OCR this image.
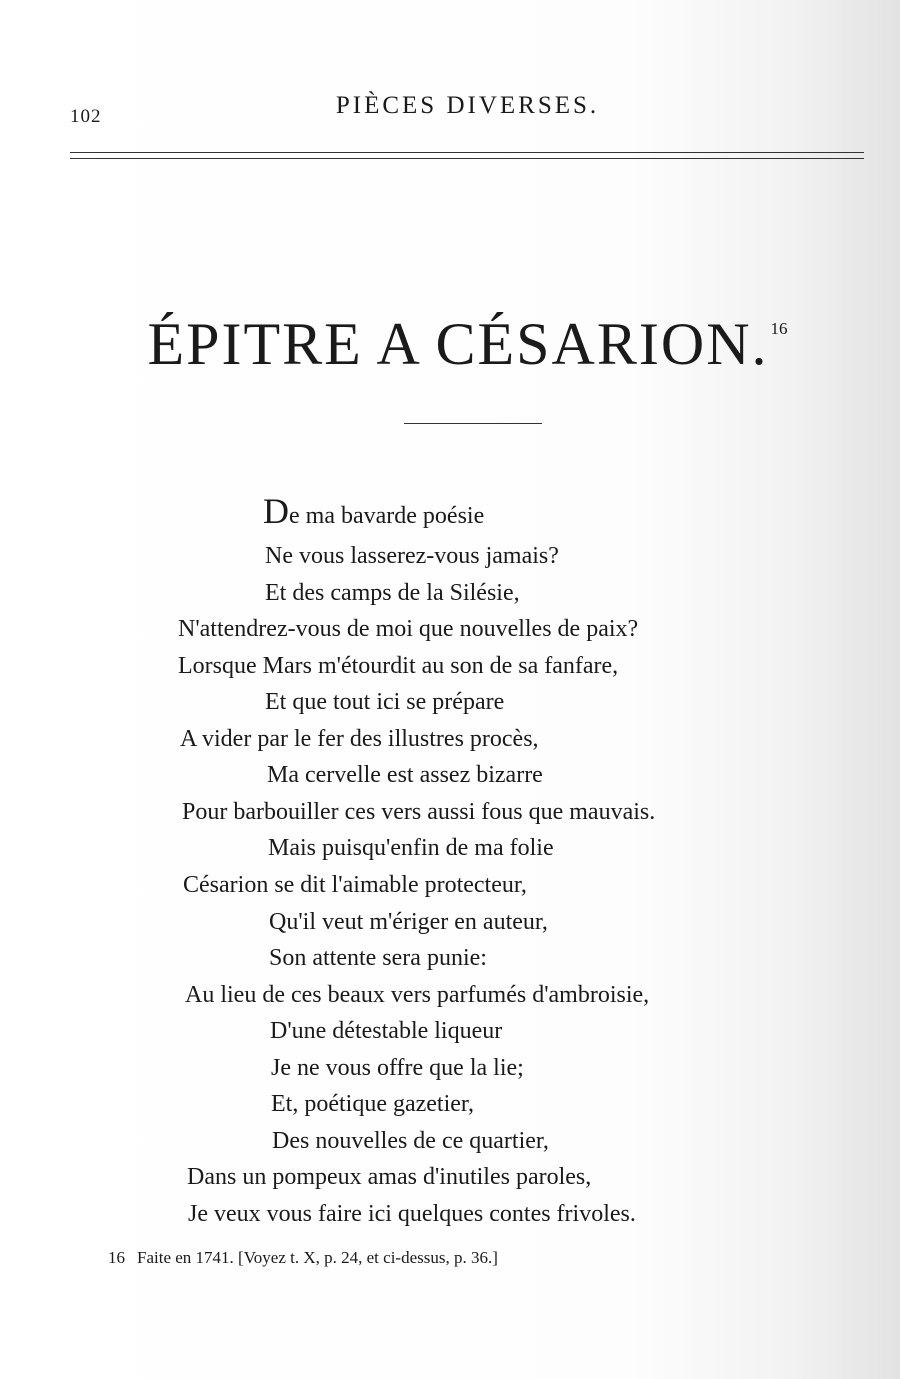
102	PIÈCES DIVERSES.
ÉPITRE A CÉSARION. $^{16}$
De ma bavarde poésie
Ne vous lasserez-vous jamais?
Et des camps de la Silésie,
N'attendrez-vous de moi que nouvelles de paix?
Lorsque Mars m'étourdit au son de sa fanfare,
Et que tout ici se prépare
A vider par le fer des illustres procès,
Ma cervelle est assez bizarre
Pour barbouiller ces vers aussi fous que mauvais.
Mais puisqu'enfin de ma folie
Césarion se dit l'aimable protecteur,
Qu'il veut m'ériger en auteur,
Son attente sera punie:
Au lieu de ces beaux vers parfumés d'ambroisie,
D'une détestable liqueur
Je ne vous offre que la lie;
Et, poétique gazetier,
Des nouvelles de ce quartier,
Dans un pompeux amas d'inutiles paroles,
Je veux vous faire ici quelques contes frivoles.
16 Faite en 1741. [Voyez t. X, p. 24, et ci-dessus, p. 36.]
